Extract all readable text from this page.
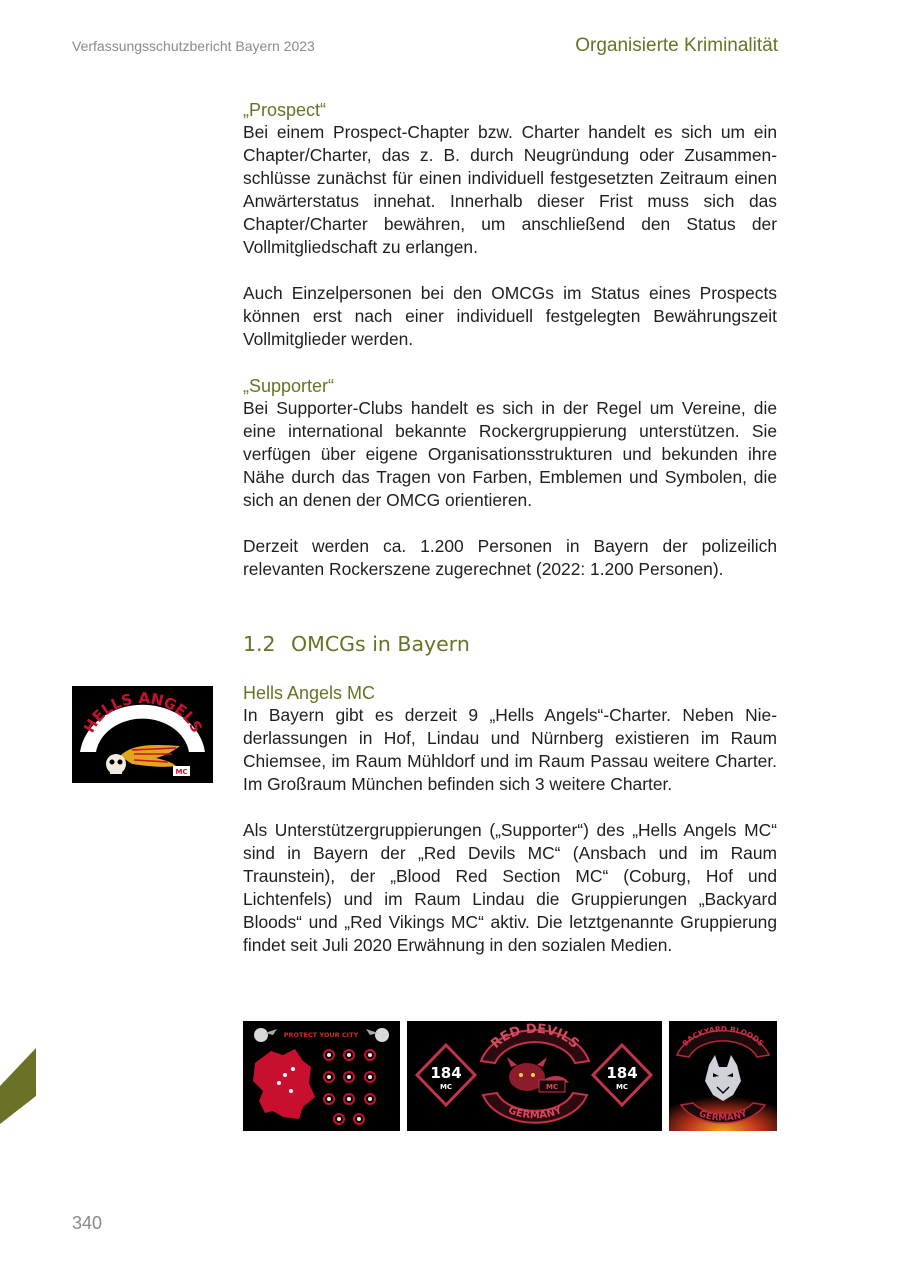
Verfassungsschutzbericht Bayern 2023	Organisierte Kriminalität

„Prospect“

Bei einem Prospect-Chapter bzw. Charter handelt es sich um ein Chapter/Charter, das z. B. durch Neugründung oder Zusammenschlüsse zunächst für einen individuell festgesetzten Zeitraum einen Anwärterstatus innehat. Innerhalb dieser Frist muss sich das Chapter/Charter bewähren, um anschließend den Status der Vollmitgliedschaft zu erlangen.

Auch Einzelpersonen bei den OMCGs im Status eines Prospects können erst nach einer individuell festgelegten Bewährungszeit Vollmitglieder werden.

„Supporter“

Bei Supporter-Clubs handelt es sich in der Regel um Vereine, die eine international bekannte Rockergruppierung unterstützen. Sie verfügen über eigene Organisationsstrukturen und bekunden ihre Nähe durch das Tragen von Farben, Emblemen und Symbolen, die sich an denen der OMCG orientieren.

Derzeit werden ca. 1.200 Personen in Bayern der polizeilich relevanten Rockerszene zugerechnet (2022: 1.200 Personen).

1.2 OMCGs in Bayern
HELLS ANGELS
MC

Hells Angels MC

In Bayern gibt es derzeit 9 „Hells Angels“-Charter. Neben Niederlassungen in Hof, Lindau und Nürnberg existieren im Raum Chiemsee, im Raum Mühldorf und im Raum Passau weitere Charter. Im Großraum München befinden sich 3 weitere Charter.

Als Unterstützergruppierungen („Supporter“) des „Hells Angels MC“ sind in Bayern der „Red Devils MC“ (Ansbach und im Raum Traunstein), der „Blood Red Section MC“ (Coburg, Hof und Lichtenfels) und im Raum Lindau die Gruppierungen „Backyard Bloods“ und „Red Vikings MC“ aktiv. Die letztgenannte Gruppierung findet seit Juli 2020 Erwähnung in den sozialen Medien.

PROTECT YOUR CITY
184
MC
184
MC
RED DEVILS
GERMANY
MC
BACKYARD BLOODS
GERMANY
340
